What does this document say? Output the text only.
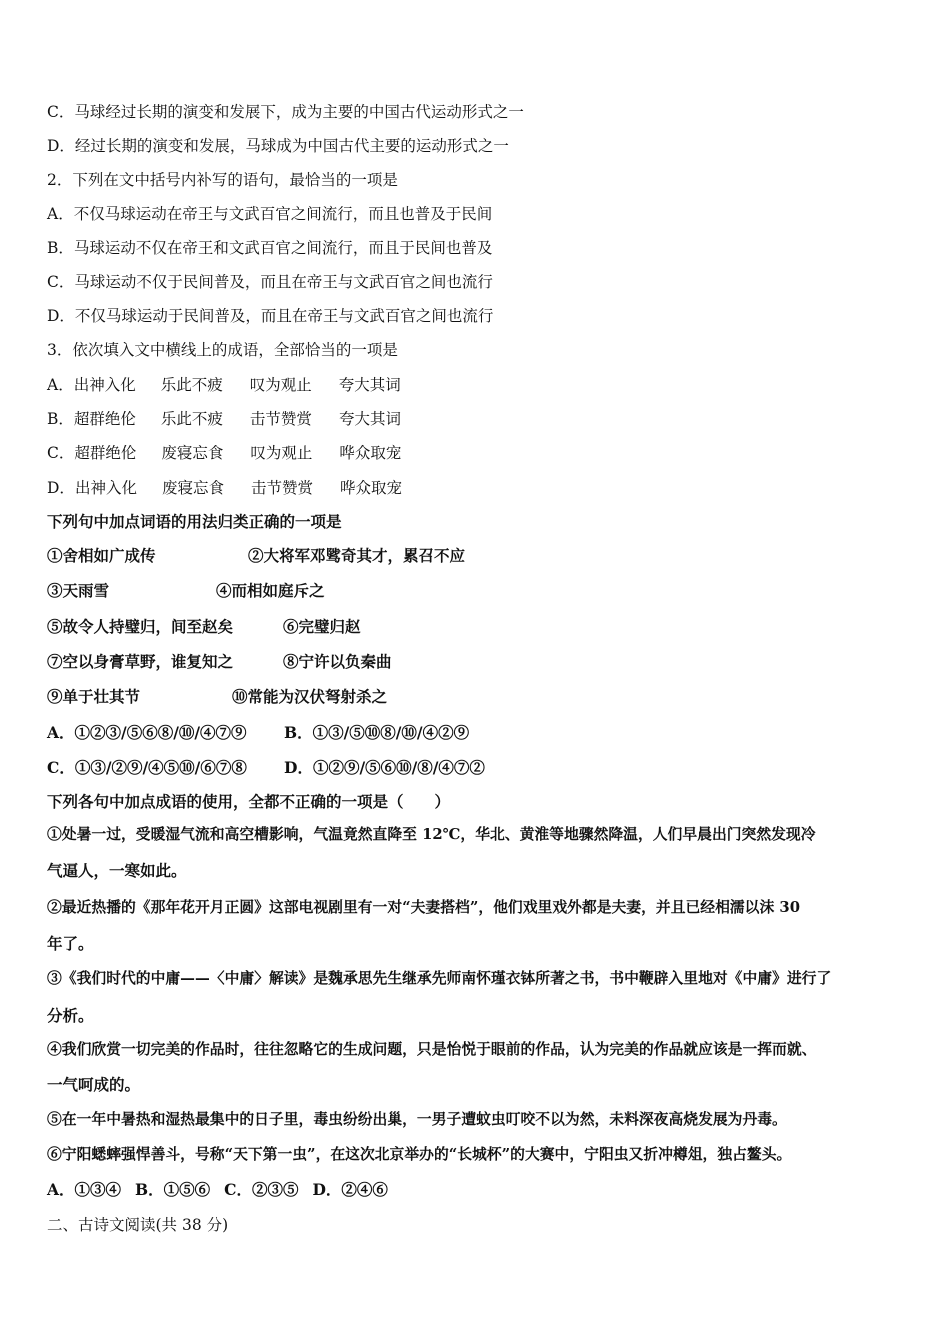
C．马球经过长期的演变和发展下，成为主要的中国古代运动形式之一
D．经过长期的演变和发展，马球成为中国古代主要的运动形式之一
2．下列在文中括号内补写的语句，最恰当的一项是
A．不仅马球运动在帝王与文武百官之间流行，而且也普及于民间
B．马球运动不仅在帝王和文武百官之间流行，而且于民间也普及
C．马球运动不仅于民间普及，而且在帝王与文武百官之间也流行
D．不仅马球运动于民间普及，而且在帝王与文武百官之间也流行
3．依次填入文中横线上的成语，全部恰当的一项是
A．出神入化 乐此不疲 叹为观止 夸大其词
B．超群绝伦 乐此不疲 击节赞赏 夸大其词
C．超群绝伦 废寝忘食 叹为观止 哗众取宠
D．出神入化 废寝忘食 击节赞赏 哗众取宠
下列句中加点词语的用法归类正确的一项是
①舍相如广成传	②大将军邓骘奇其才，累召不应
③天雨雪	④而相如庭斥之
⑤故令人持璧归，间至赵矣	⑥完璧归赵
⑦空以身膏草野，谁复知之	⑧宁许以负秦曲
⑨单于壮其节	⑩常能为汉伏弩射杀之
A．①②③/⑤⑥⑧/⑩/④⑦⑨ B．①③/⑤⑩⑧/⑩/④②⑨
C．①③/②⑨/④⑤⑩/⑥⑦⑧ D．①②⑨/⑤⑥⑩/⑧/④⑦②
下列各句中加点成语的使用，全都不正确的一项是（　　）
①处暑一过，受暖湿气流和高空槽影响，气温竟然直降至 12℃，华北、黄淮等地骤然降温，人们早晨出门突然发现冷
气逼人，一寒如此。
②最近热播的《那年花开月正圆》这部电视剧里有一对“夫妻搭档”，他们戏里戏外都是夫妻，并且已经相濡以沫 30
年了。
③《我们时代的中庸——〈中庸〉解读》是魏承思先生继承先师南怀瑾衣钵所著之书，书中鞭辟入里地对《中庸》进行了
分析。
④我们欣赏一切完美的作品时，往往忽略它的生成问题，只是怡悦于眼前的作品，认为完美的作品就应该是一挥而就、
一气呵成的。
⑤在一年中暑热和湿热最集中的日子里，毒虫纷纷出巢，一男子遭蚊虫叮咬不以为然，未料深夜高烧发展为丹毒。
⑥宁阳蟋蟀强悍善斗，号称“天下第一虫”，在这次北京举办的“长城杯”的大赛中，宁阳虫又折冲樽俎，独占鳌头。
A．①③④ B．①⑤⑥ C．②③⑤ D．②④⑥
二、古诗文阅读(共 38 分)
